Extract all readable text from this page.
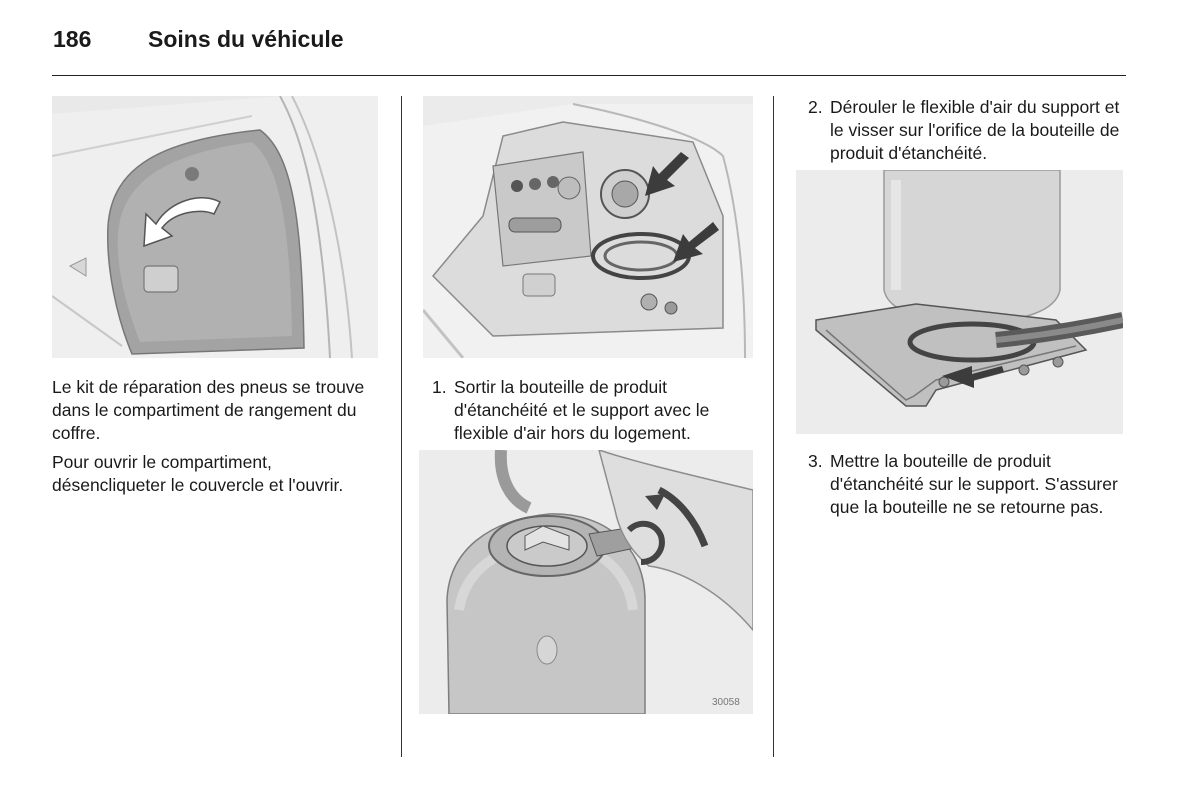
186 Soins du véhicule

Le kit de réparation des pneus se trouve dans le compartiment de rangement du coffre.

Pour ouvrir le compartiment, désencliqueter le couvercle et l'ouvrir.

1. Sortir la bouteille de produit d'étanchéité et le support avec le flexible d'air hors du logement.
30058
2. Dérouler le flexible d'air du support et le visser sur l'orifice de la bouteille de produit d'étanchéité.
3. Mettre la bouteille de produit d'étanchéité sur le support. S'assurer que la bouteille ne se retourne pas.
